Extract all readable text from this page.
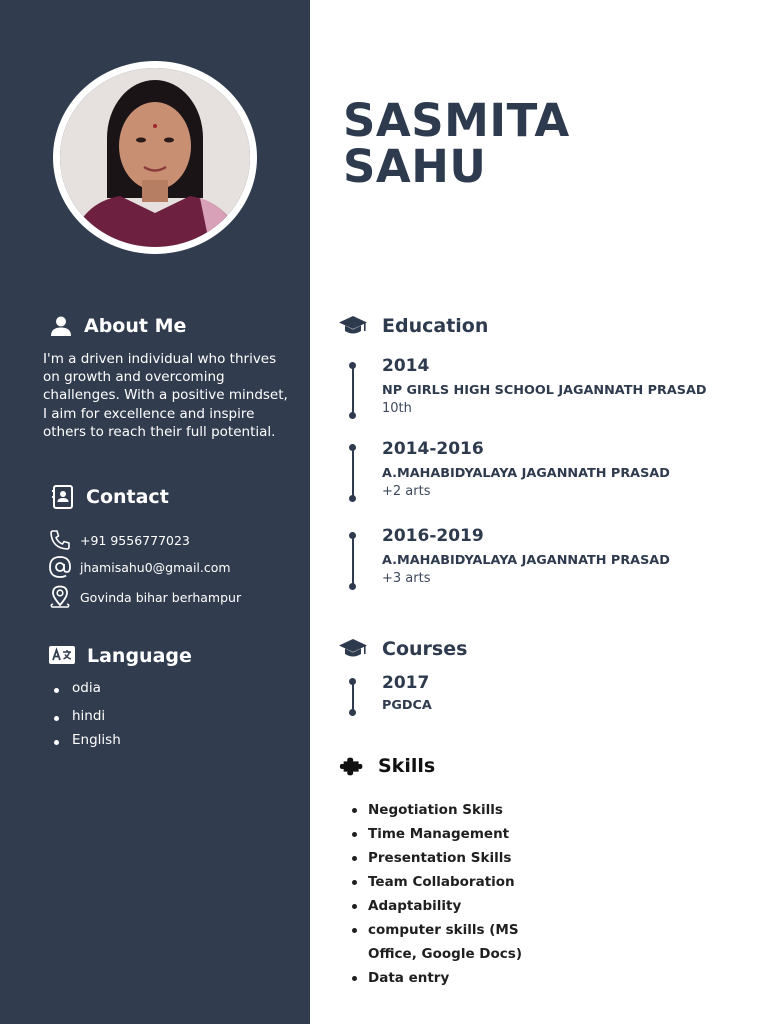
About Me

I'm a driven individual who thrives on growth and overcoming challenges. With a positive mindset, I aim for excellence and inspire others to reach their full potential.

Contact
+91 9556777023
jhamisahu0@gmail.com
Govinda bihar berhampur
Language
odia
hindi
English
SASMITA
SAHU
Education
2014
NP GIRLS HIGH SCHOOL JAGANNATH PRASAD
10th
2014-2016
A.MAHABIDYALAYA JAGANNATH PRASAD
+2 arts
2016-2019
A.MAHABIDYALAYA JAGANNATH PRASAD
+3 arts
Courses
2017
PGDCA
Skills
Negotiation Skills
Time Management
Presentation Skills
Team Collaboration
Adaptability
computer skills (MS Office, Google Docs)
Data entry
